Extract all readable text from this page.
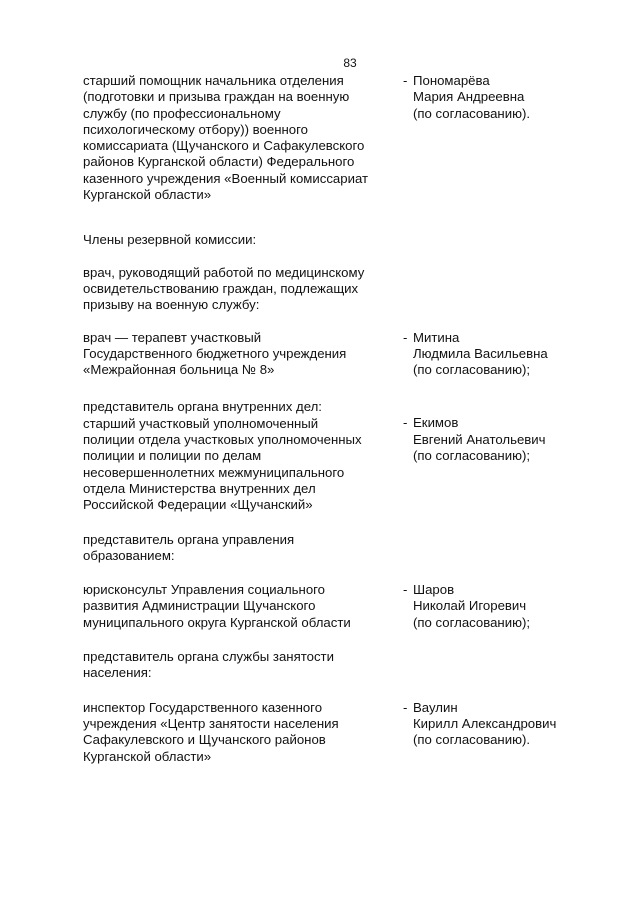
83
старший помощник начальника отделения
(подготовки и призыва граждан на военную
службу (по профессиональному
психологическому отбору)) военного
комиссариата (Щучанского и Сафакулевского
районов Курганской области) Федерального
казенного учреждения «Военный комиссариат
Курганской области»
- Пономарёва

Мария Андреевна
(по согласованию).
Члены резервной комиссии:
врач, руководящий работой по медицинскому
освидетельствованию граждан, подлежащих
призыву на военную службу:
врач — терапевт участковый
Государственного бюджетного учреждения
«Межрайонная больница № 8»
- Митина

Людмила Васильевна
(по согласованию);
представитель органа внутренних дел:
старший участковый уполномоченный
полиции отдела участковых уполномоченных
полиции и полиции по делам
несовершеннолетних межмуниципального
отдела Министерства внутренних дел
Российской Федерации «Щучанский»
- Екимов

Евгений Анатольевич
(по согласованию);
представитель органа управления
образованием:
юрисконсульт Управления социального
развития Администрации Щучанского
муниципального округа Курганской области
- Шаров

Николай Игоревич
(по согласованию);
представитель органа службы занятости
населения:
инспектор Государственного казенного
учреждения «Центр занятости населения
Сафакулевского и Щучанского районов
Курганской области»
- Ваулин

Кирилл Александрович
(по согласованию).
